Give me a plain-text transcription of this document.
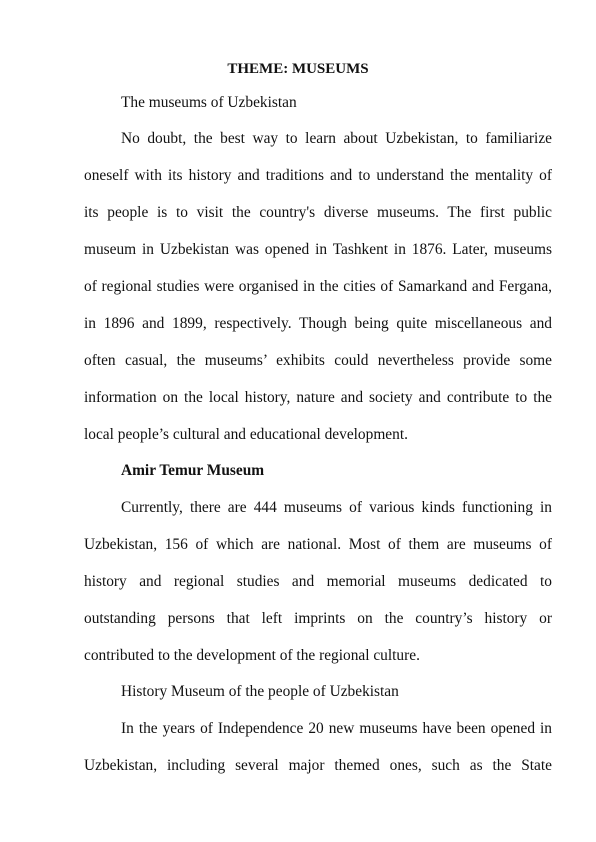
THEME: MUSEUMS

The museums of Uzbekistan

No doubt, the best way to learn about Uzbekistan, to familiarize

oneself with its history and traditions and to understand the mentality of

its people is to visit the country's diverse museums. The first public

museum in Uzbekistan was opened in Tashkent in 1876. Later, museums

of regional studies were organised in the cities of Samarkand and Fergana,

in 1896 and 1899, respectively. Though being quite miscellaneous and

often casual, the museums’ exhibits could nevertheless provide some

information on the local history, nature and society and contribute to the

local people’s cultural and educational development.

Amir Temur Museum

Currently, there are 444 museums of various kinds functioning in

Uzbekistan, 156 of which are national. Most of them are museums of

history and regional studies and memorial museums dedicated to

outstanding persons that left imprints on the country’s history or

contributed to the development of the regional culture.

History Museum of the people of Uzbekistan

In the years of Independence 20 new museums have been opened in

Uzbekistan, including several major themed ones, such as the State
